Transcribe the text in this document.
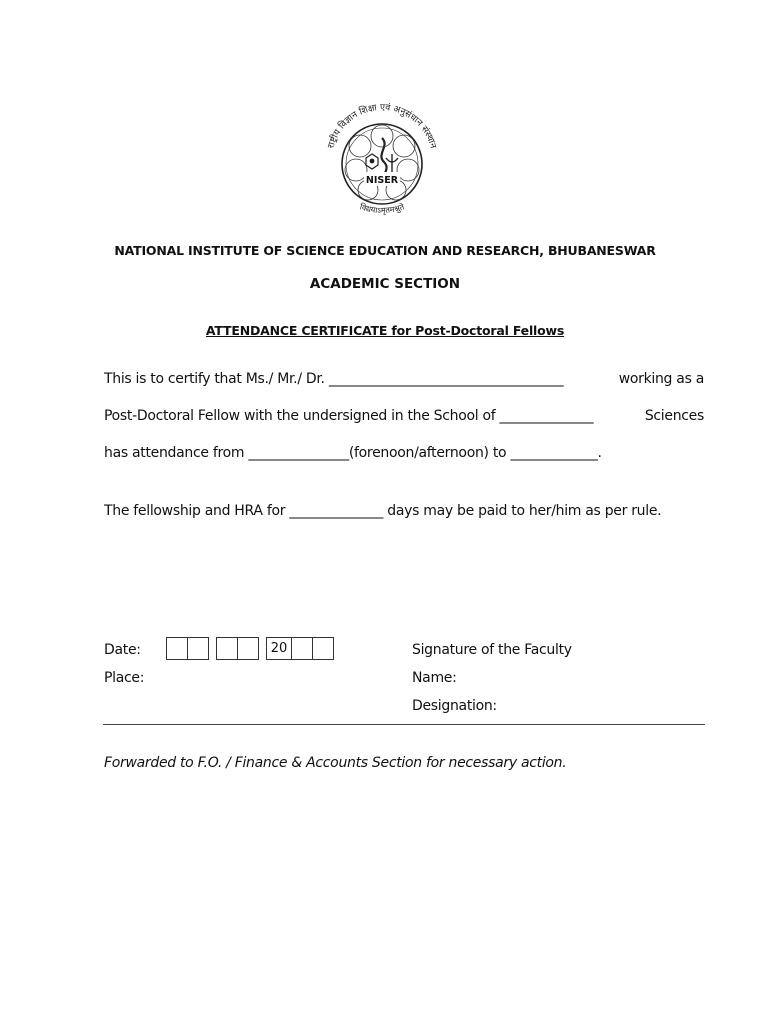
राष्ट्रीय विज्ञान शिक्षा एवं अनुसंधान संस्थान
NISER
विद्ययाऽमृतमश्नुते
NATIONAL INSTITUTE OF SCIENCE EDUCATION AND RESEARCH, BHUBANESWAR
ACADEMIC SECTION
ATTENDANCE CERTIFICATE for Post-Doctoral Fellows
This is to certify that Ms./ Mr./ Dr. ___________________________________	working as a
Post-Doctoral Fellow with the undersigned in the School of ______________	Sciences
has attendance from _______________(forenoon/afternoon) to _____________.
The fellowship and HRA for ______________ days may be paid to her/him as per rule.
Date:	20
Place:
Signature of the Faculty
Name:
Designation:
Forwarded to F.O. / Finance & Accounts Section for necessary action.
